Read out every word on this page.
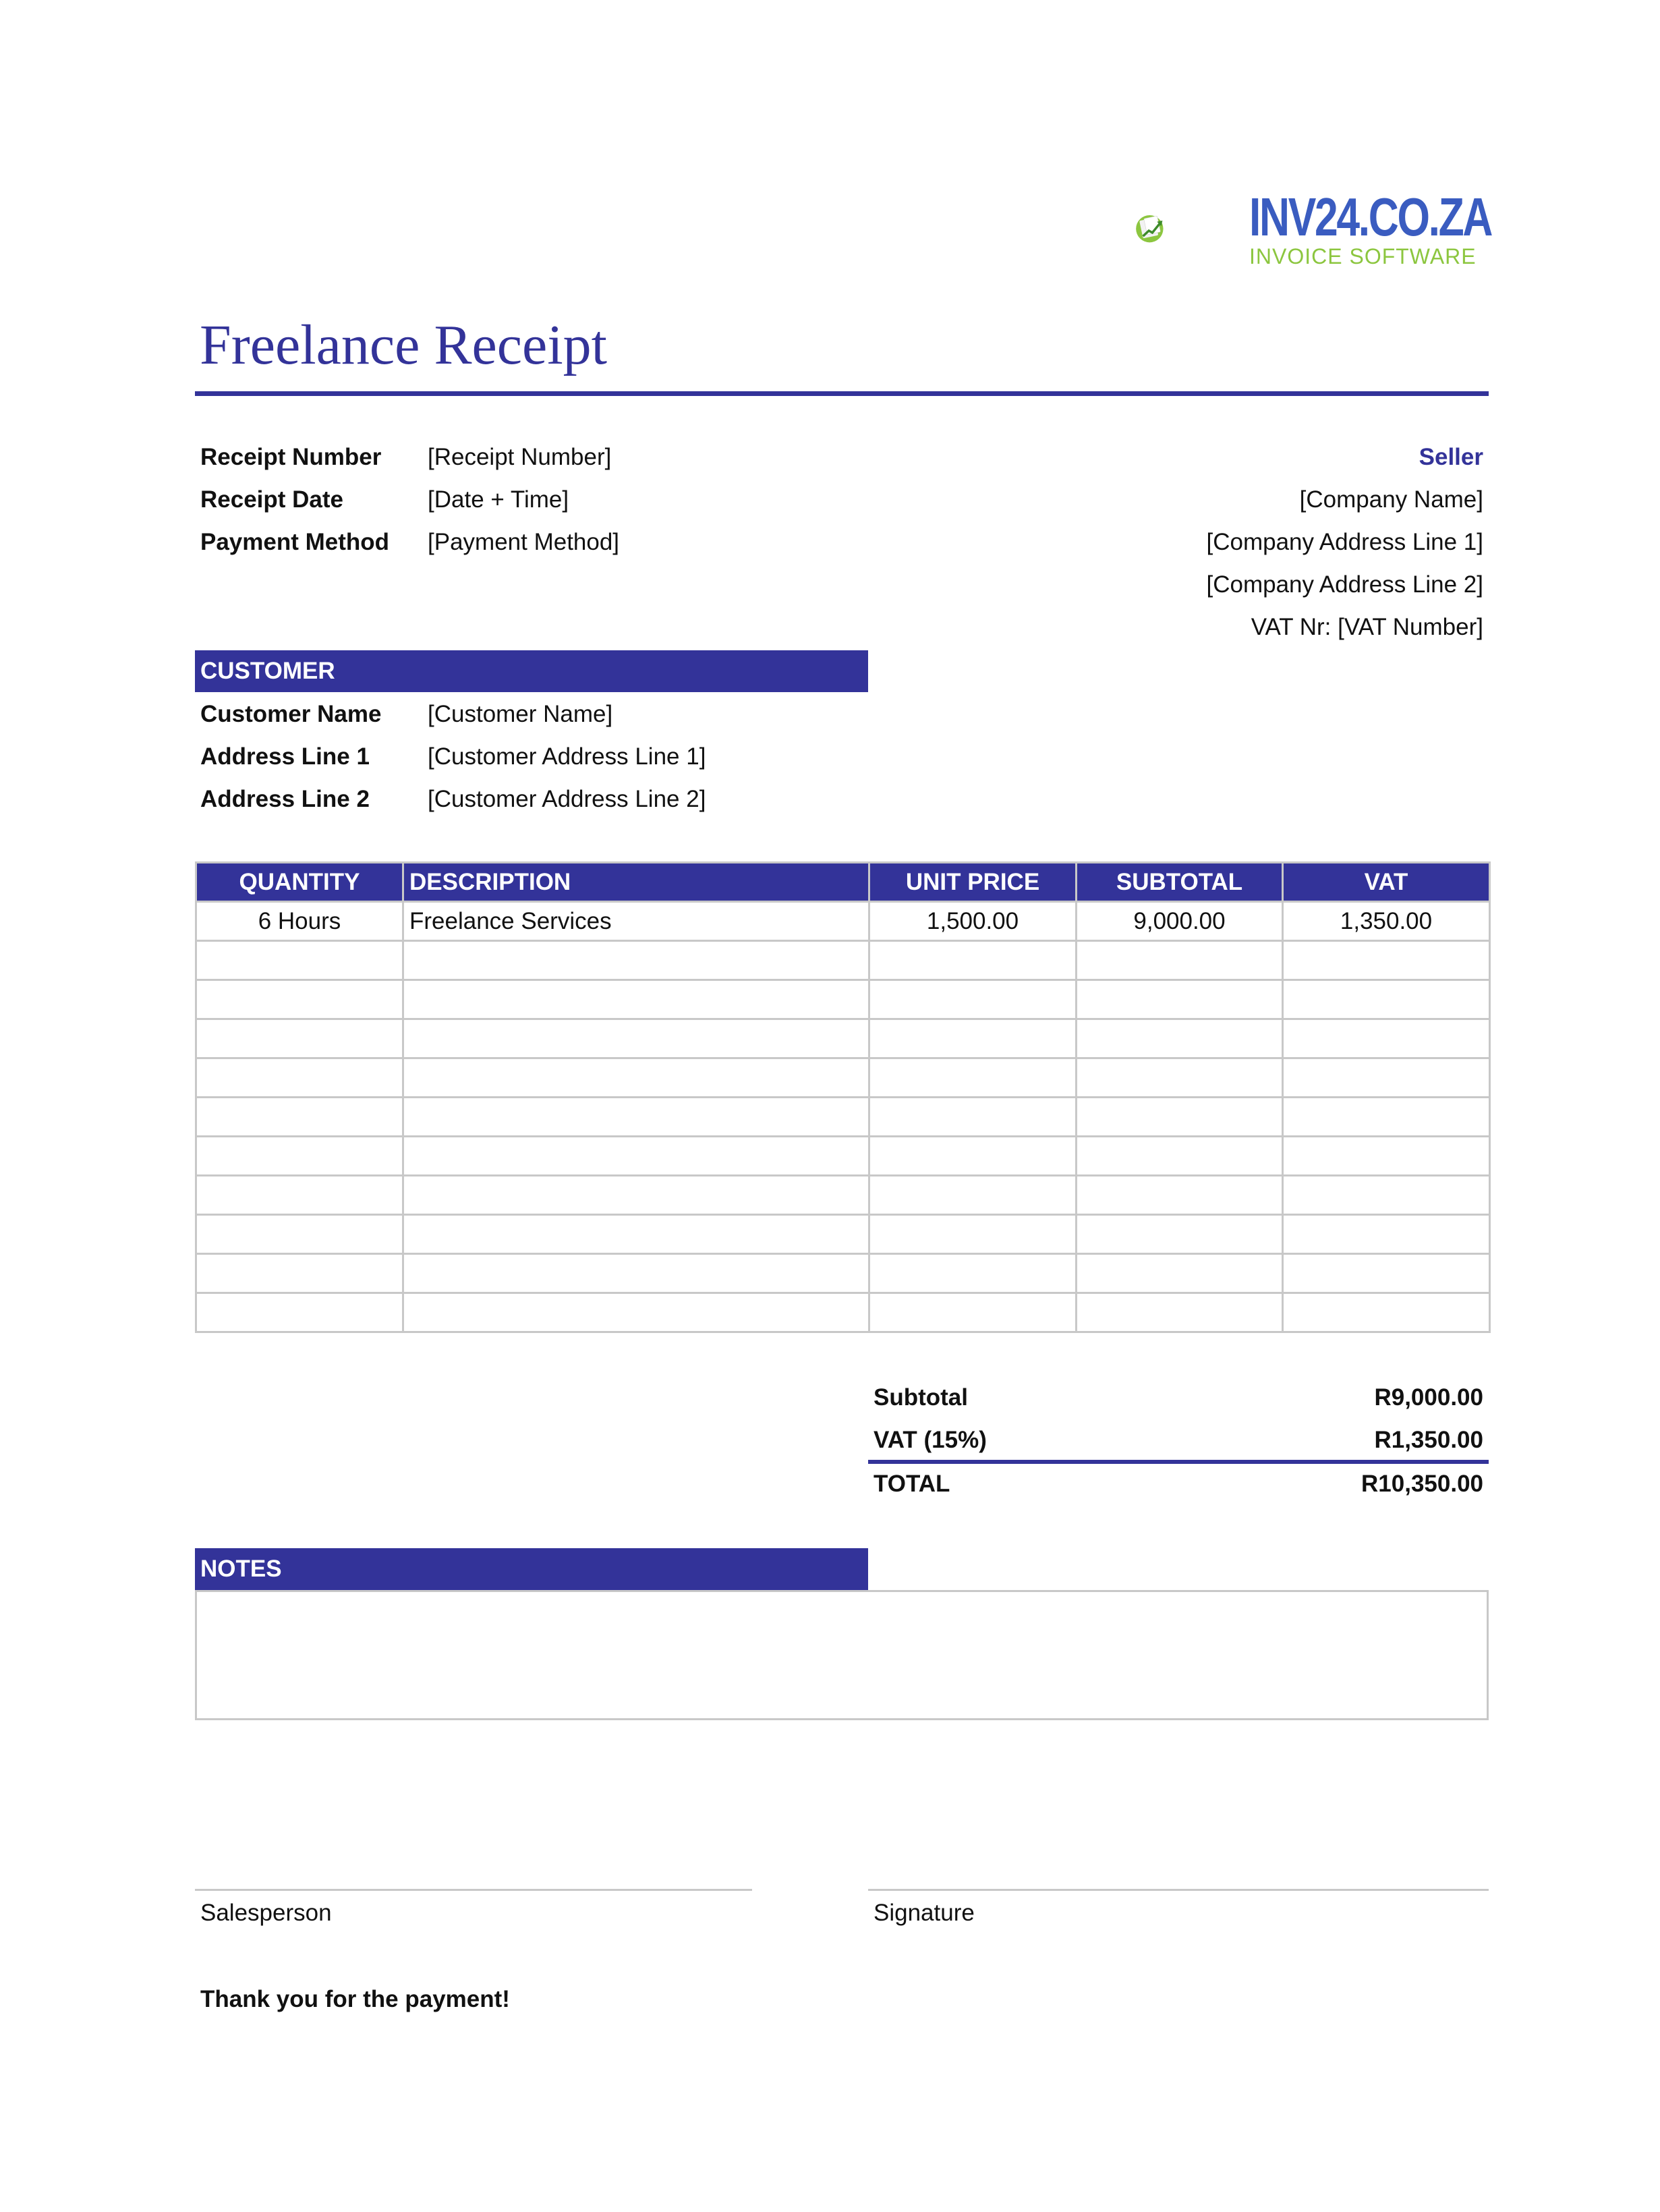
INV24.CO.ZA
INVOICE SOFTWARE
Freelance Receipt
Receipt Number [Receipt Number]
Receipt Date	[Date + Time]
Payment Method [Payment Method]
Seller
[Company Name]
[Company Address Line 1]
[Company Address Line 2]
VAT Nr: [VAT Number]
CUSTOMER
Customer Name [Customer Name]
Address Line 1 [Customer Address Line 1]
Address Line 2 [Customer Address Line 2]
QUANTITY	DESCRIPTION	UNIT PRICE	SUBTOTAL	VAT
6 Hours	Freelance Services	1,500.00	9,000.00	1,350.00

Subtotal	R9,000.00
VAT (15%)	R1,350.00
TOTAL	R10,350.00
NOTES
Salesperson	Signature
Thank you for the payment!
